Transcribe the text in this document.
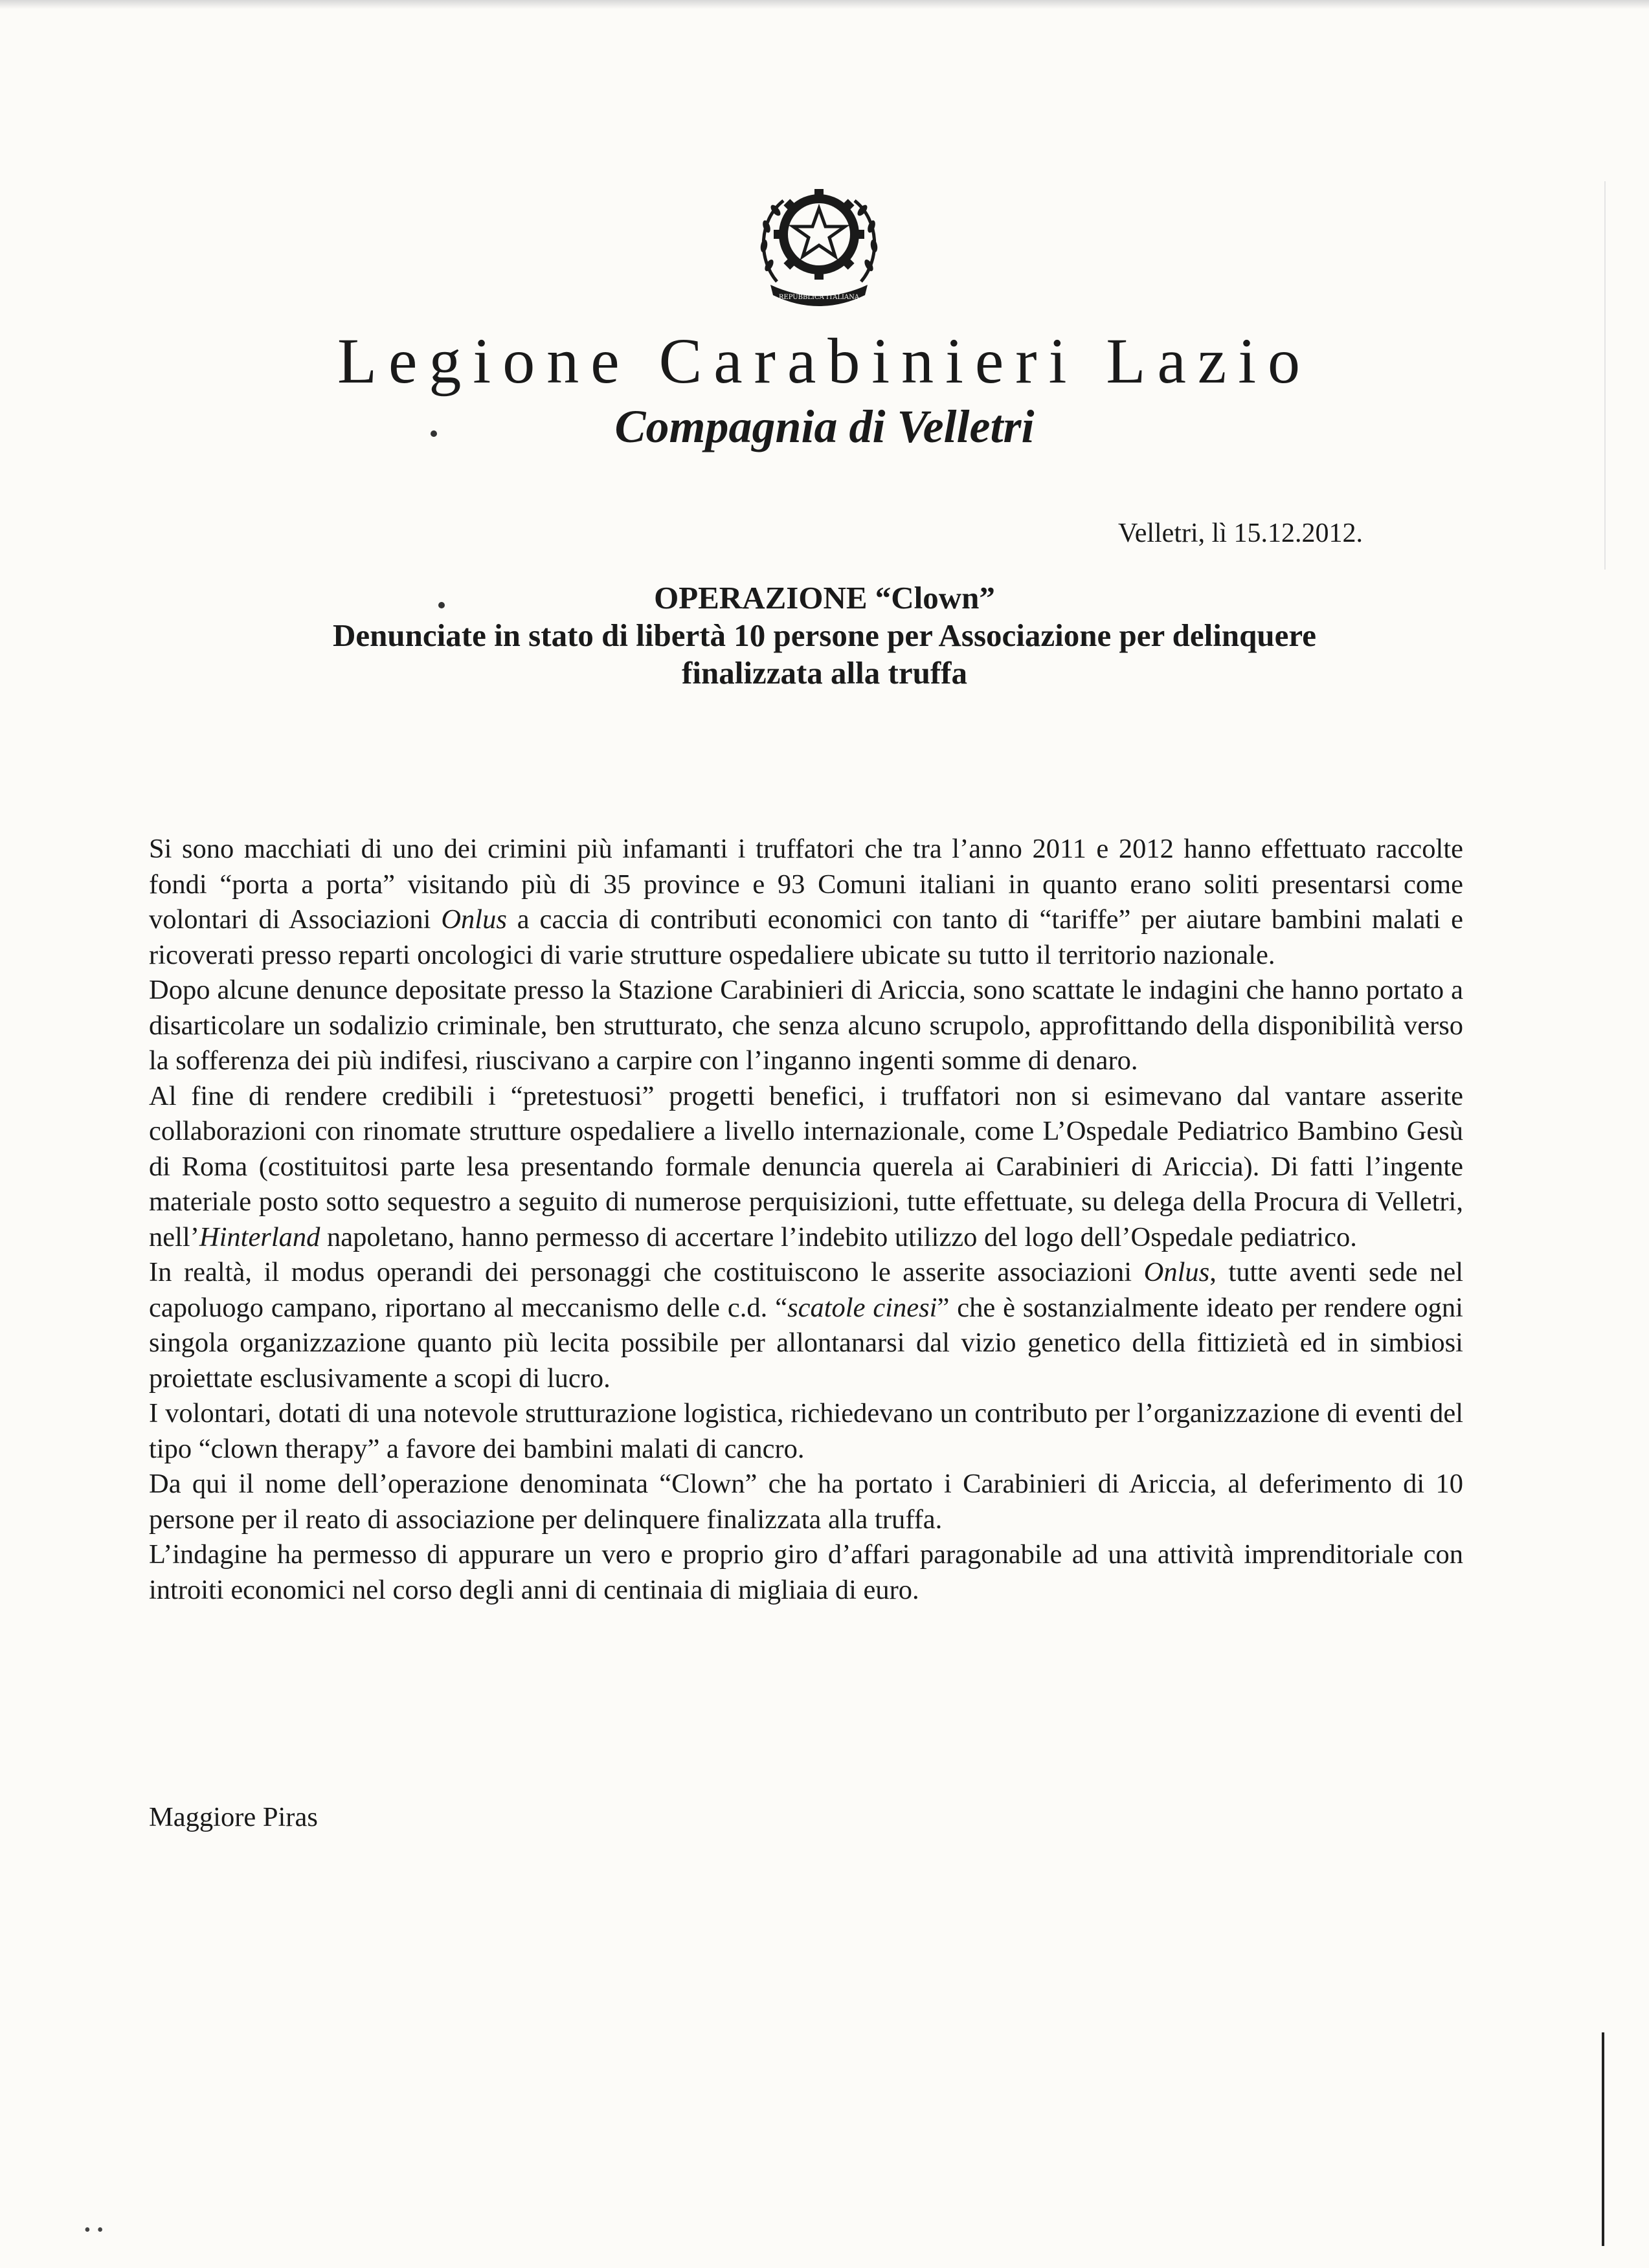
••
REPUBBLICA ITALIANA
Legione Carabinieri Lazio
Compagnia di Velletri
Velletri, lì 15.12.2012.
OPERAZIONE “Clown”
Denunciate in stato di libertà 10 persone per Associazione per delinquere
finalizzata alla truffa

Si sono macchiati di uno dei crimini più infamanti i truffatori che tra l’anno 2011 e 2012 hanno effettuato raccolte fondi “porta a porta” visitando più di 35 province e 93 Comuni italiani in quanto erano soliti presentarsi come volontari di Associazioni Onlus a caccia di contributi economici con tanto di “tariffe” per aiutare bambini malati e ricoverati presso reparti oncologici di varie strutture ospedaliere ubicate su tutto il territorio nazionale.

Dopo alcune denunce depositate presso la Stazione Carabinieri di Ariccia, sono scattate le indagini che hanno portato a disarticolare un sodalizio criminale, ben strutturato, che senza alcuno scrupolo, approfittando della disponibilità verso la sofferenza dei più indifesi, riuscivano a carpire con l’inganno ingenti somme di denaro.

Al fine di rendere credibili i “pretestuosi” progetti benefici, i truffatori non si esimevano dal vantare asserite collaborazioni con rinomate strutture ospedaliere a livello internazionale, come L’Ospedale Pediatrico Bambino Gesù di Roma (costituitosi parte lesa presentando formale denuncia querela ai Carabinieri di Ariccia). Di fatti l’ingente materiale posto sotto sequestro a seguito di numerose perquisizioni, tutte effettuate, su delega della Procura di Velletri, nell’Hinterland napoletano, hanno permesso di accertare l’indebito utilizzo del logo dell’Ospedale pediatrico.

In realtà, il modus operandi dei personaggi che costituiscono le asserite associazioni Onlus, tutte aventi sede nel capoluogo campano, riportano al meccanismo delle c.d. “scatole cinesi” che è sostanzialmente ideato per rendere ogni singola organizzazione quanto più lecita possibile per allontanarsi dal vizio genetico della fittizietà ed in simbiosi proiettate esclusivamente a scopi di lucro.

I volontari, dotati di una notevole strutturazione logistica, richiedevano un contributo per l’organizzazione di eventi del tipo “clown therapy” a favore dei bambini malati di cancro.

Da qui il nome dell’operazione denominata “Clown” che ha portato i Carabinieri di Ariccia, al deferimento di 10 persone per il reato di associazione per delinquere finalizzata alla truffa.

L’indagine ha permesso di appurare un vero e proprio giro d’affari paragonabile ad una attività imprenditoriale con introiti economici nel corso degli anni di centinaia di migliaia di euro.

Maggiore Piras
